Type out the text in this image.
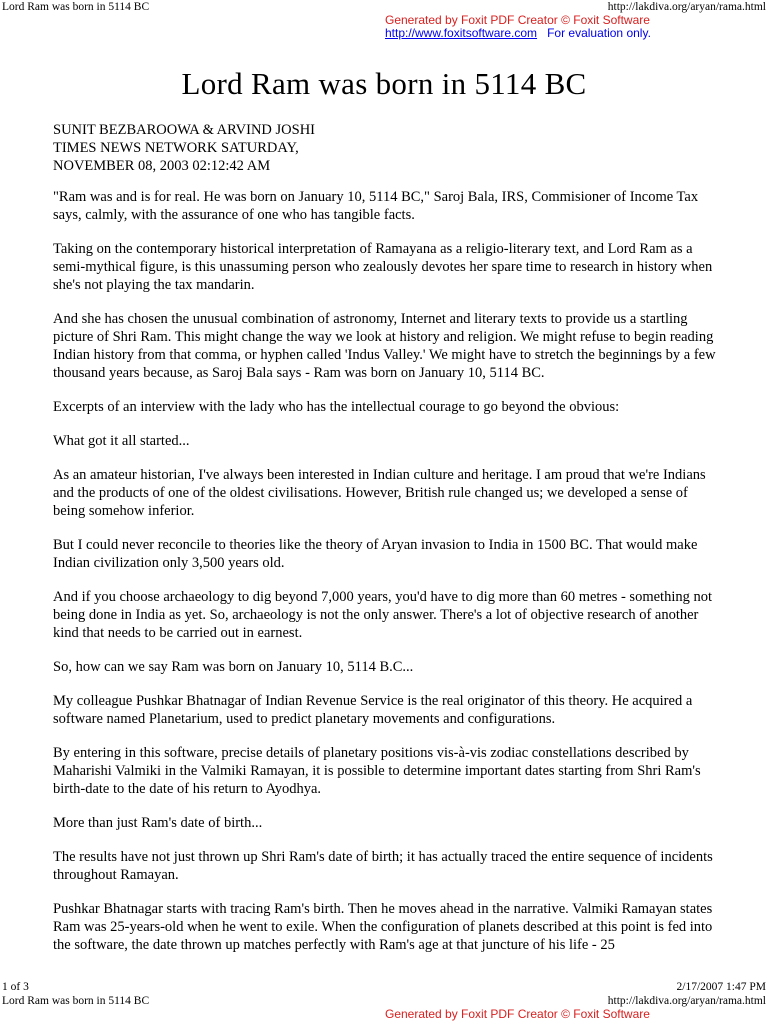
Lord Ram was born in 5114 BC	http://lakdiva.org/aryan/rama.html
Generated by Foxit PDF Creator © Foxit Software
http://www.foxitsoftware.com For evaluation only.
Lord Ram was born in 5114 BC
SUNIT BEZBAROOWA & ARVIND JOSHI
TIMES NEWS NETWORK SATURDAY,
NOVEMBER 08, 2003 02:12:42 AM

"Ram was and is for real. He was born on January 10, 5114 BC," Saroj Bala, IRS, Commisioner of Income Tax says, calmly, with the assurance of one who has tangible facts.

Taking on the contemporary historical interpretation of Ramayana as a religio-literary text, and Lord Ram as a semi-mythical figure, is this unassuming person who zealously devotes her spare time to research in history when she's not playing the tax mandarin.

And she has chosen the unusual combination of astronomy, Internet and literary texts to provide us a startling picture of Shri Ram. This might change the way we look at history and religion. We might refuse to begin reading Indian history from that comma, or hyphen called 'Indus Valley.' We might have to stretch the beginnings by a few thousand years because, as Saroj Bala says - Ram was born on January 10, 5114 BC.

Excerpts of an interview with the lady who has the intellectual courage to go beyond the obvious:

What got it all started...

As an amateur historian, I've always been interested in Indian culture and heritage. I am proud that we're Indians and the products of one of the oldest civilisations. However, British rule changed us; we developed a sense of being somehow inferior.

But I could never reconcile to theories like the theory of Aryan invasion to India in 1500 BC. That would make Indian civilization only 3,500 years old.

And if you choose archaeology to dig beyond 7,000 years, you'd have to dig more than 60 metres - something not being done in India as yet. So, archaeology is not the only answer. There's a lot of objective research of another kind that needs to be carried out in earnest.

So, how can we say Ram was born on January 10, 5114 B.C...

My colleague Pushkar Bhatnagar of Indian Revenue Service is the real originator of this theory. He acquired a software named Planetarium, used to predict planetary movements and configurations.

By entering in this software, precise details of planetary positions vis-à-vis zodiac constellations described by Maharishi Valmiki in the Valmiki Ramayan, it is possible to determine important dates starting from Shri Ram's birth-date to the date of his return to Ayodhya.

More than just Ram's date of birth...

The results have not just thrown up Shri Ram's date of birth; it has actually traced the entire sequence of incidents throughout Ramayan.

Pushkar Bhatnagar starts with tracing Ram's birth. Then he moves ahead in the narrative. Valmiki Ramayan states Ram was 25-years-old when he went to exile. When the configuration of planets described at this point is fed into the software, the date thrown up matches perfectly with Ram's age at that juncture of his life - 25

1 of 3	2/17/2007 1:47 PM
Lord Ram was born in 5114 BC	http://lakdiva.org/aryan/rama.html
Generated by Foxit PDF Creator © Foxit Software
